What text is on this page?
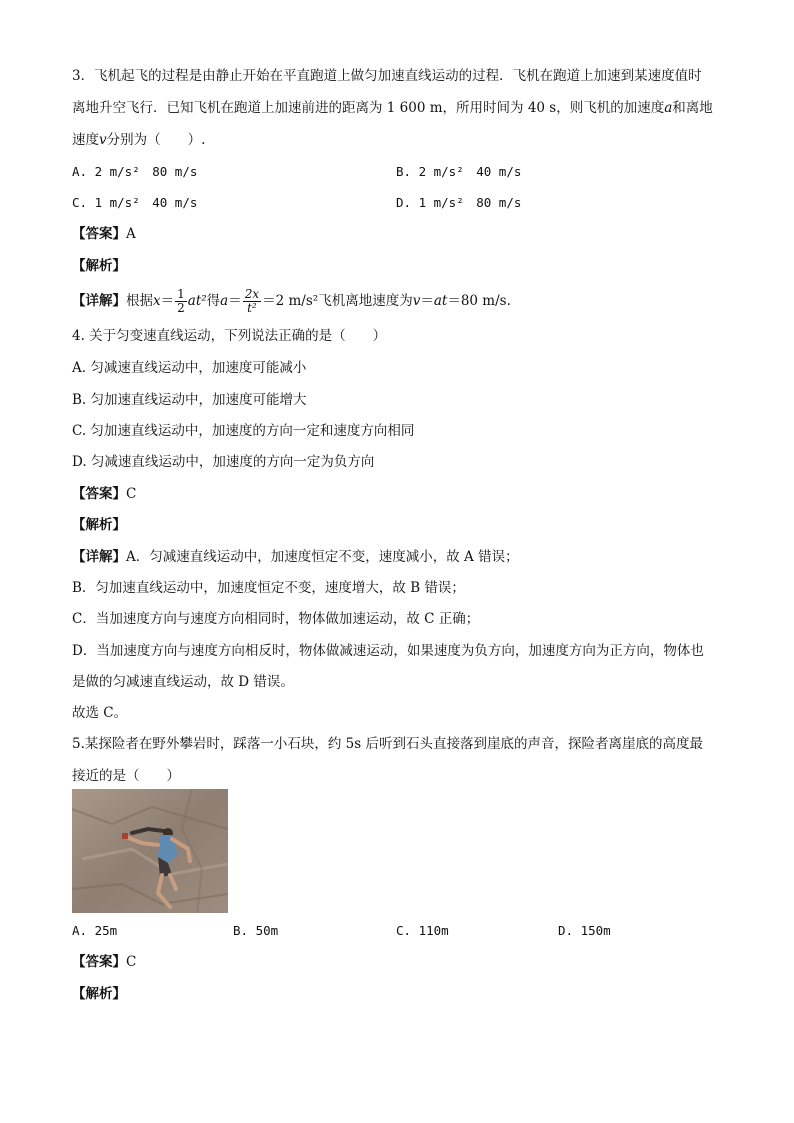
3．飞机起飞的过程是由静止开始在平直跑道上做匀加速直线运动的过程．飞机在跑道上加速到某速度值时
离地升空飞行．已知飞机在跑道上加速前进的距离为 1 600 m，所用时间为 40 s，则飞机的加速度a和离地
速度v分别为（　　）.
A. 2 m/s²　80 m/s	B. 2 m/s²　40 m/s
C. 1 m/s²　40 m/s	D. 1 m/s²　80 m/s
【答案】A
【解析】
【详解】根据$x= \frac{1}{2} at^2$得$a= \frac{2x}{\text{t²}} =2$ m/s²飞机离地速度为v＝at＝80 m/s.
4. 关于匀变速直线运动，下列说法正确的是（　　）
A. 匀减速直线运动中，加速度可能减小
B. 匀加速直线运动中，加速度可能增大
C. 匀加速直线运动中，加速度的方向一定和速度方向相同
D. 匀减速直线运动中，加速度的方向一定为负方向
【答案】C
【解析】
【详解】A．匀减速直线运动中，加速度恒定不变，速度减小，故 A 错误；
B．匀加速直线运动中，加速度恒定不变，速度增大，故 B 错误；
C．当加速度方向与速度方向相同时，物体做加速运动，故 C 正确；
D．当加速度方向与速度方向相反时，物体做减速运动，如果速度为负方向，加速度方向为正方向，物体也
是做的匀减速直线运动，故 D 错误。
故选 C。
5.某探险者在野外攀岩时，踩落一小石块，约 5s 后听到石头直接落到崖底的声音，探险者离崖底的高度最
接近的是（　　）
A. 25m	B. 50m	C. 110m	D. 150m
【答案】C
【解析】
